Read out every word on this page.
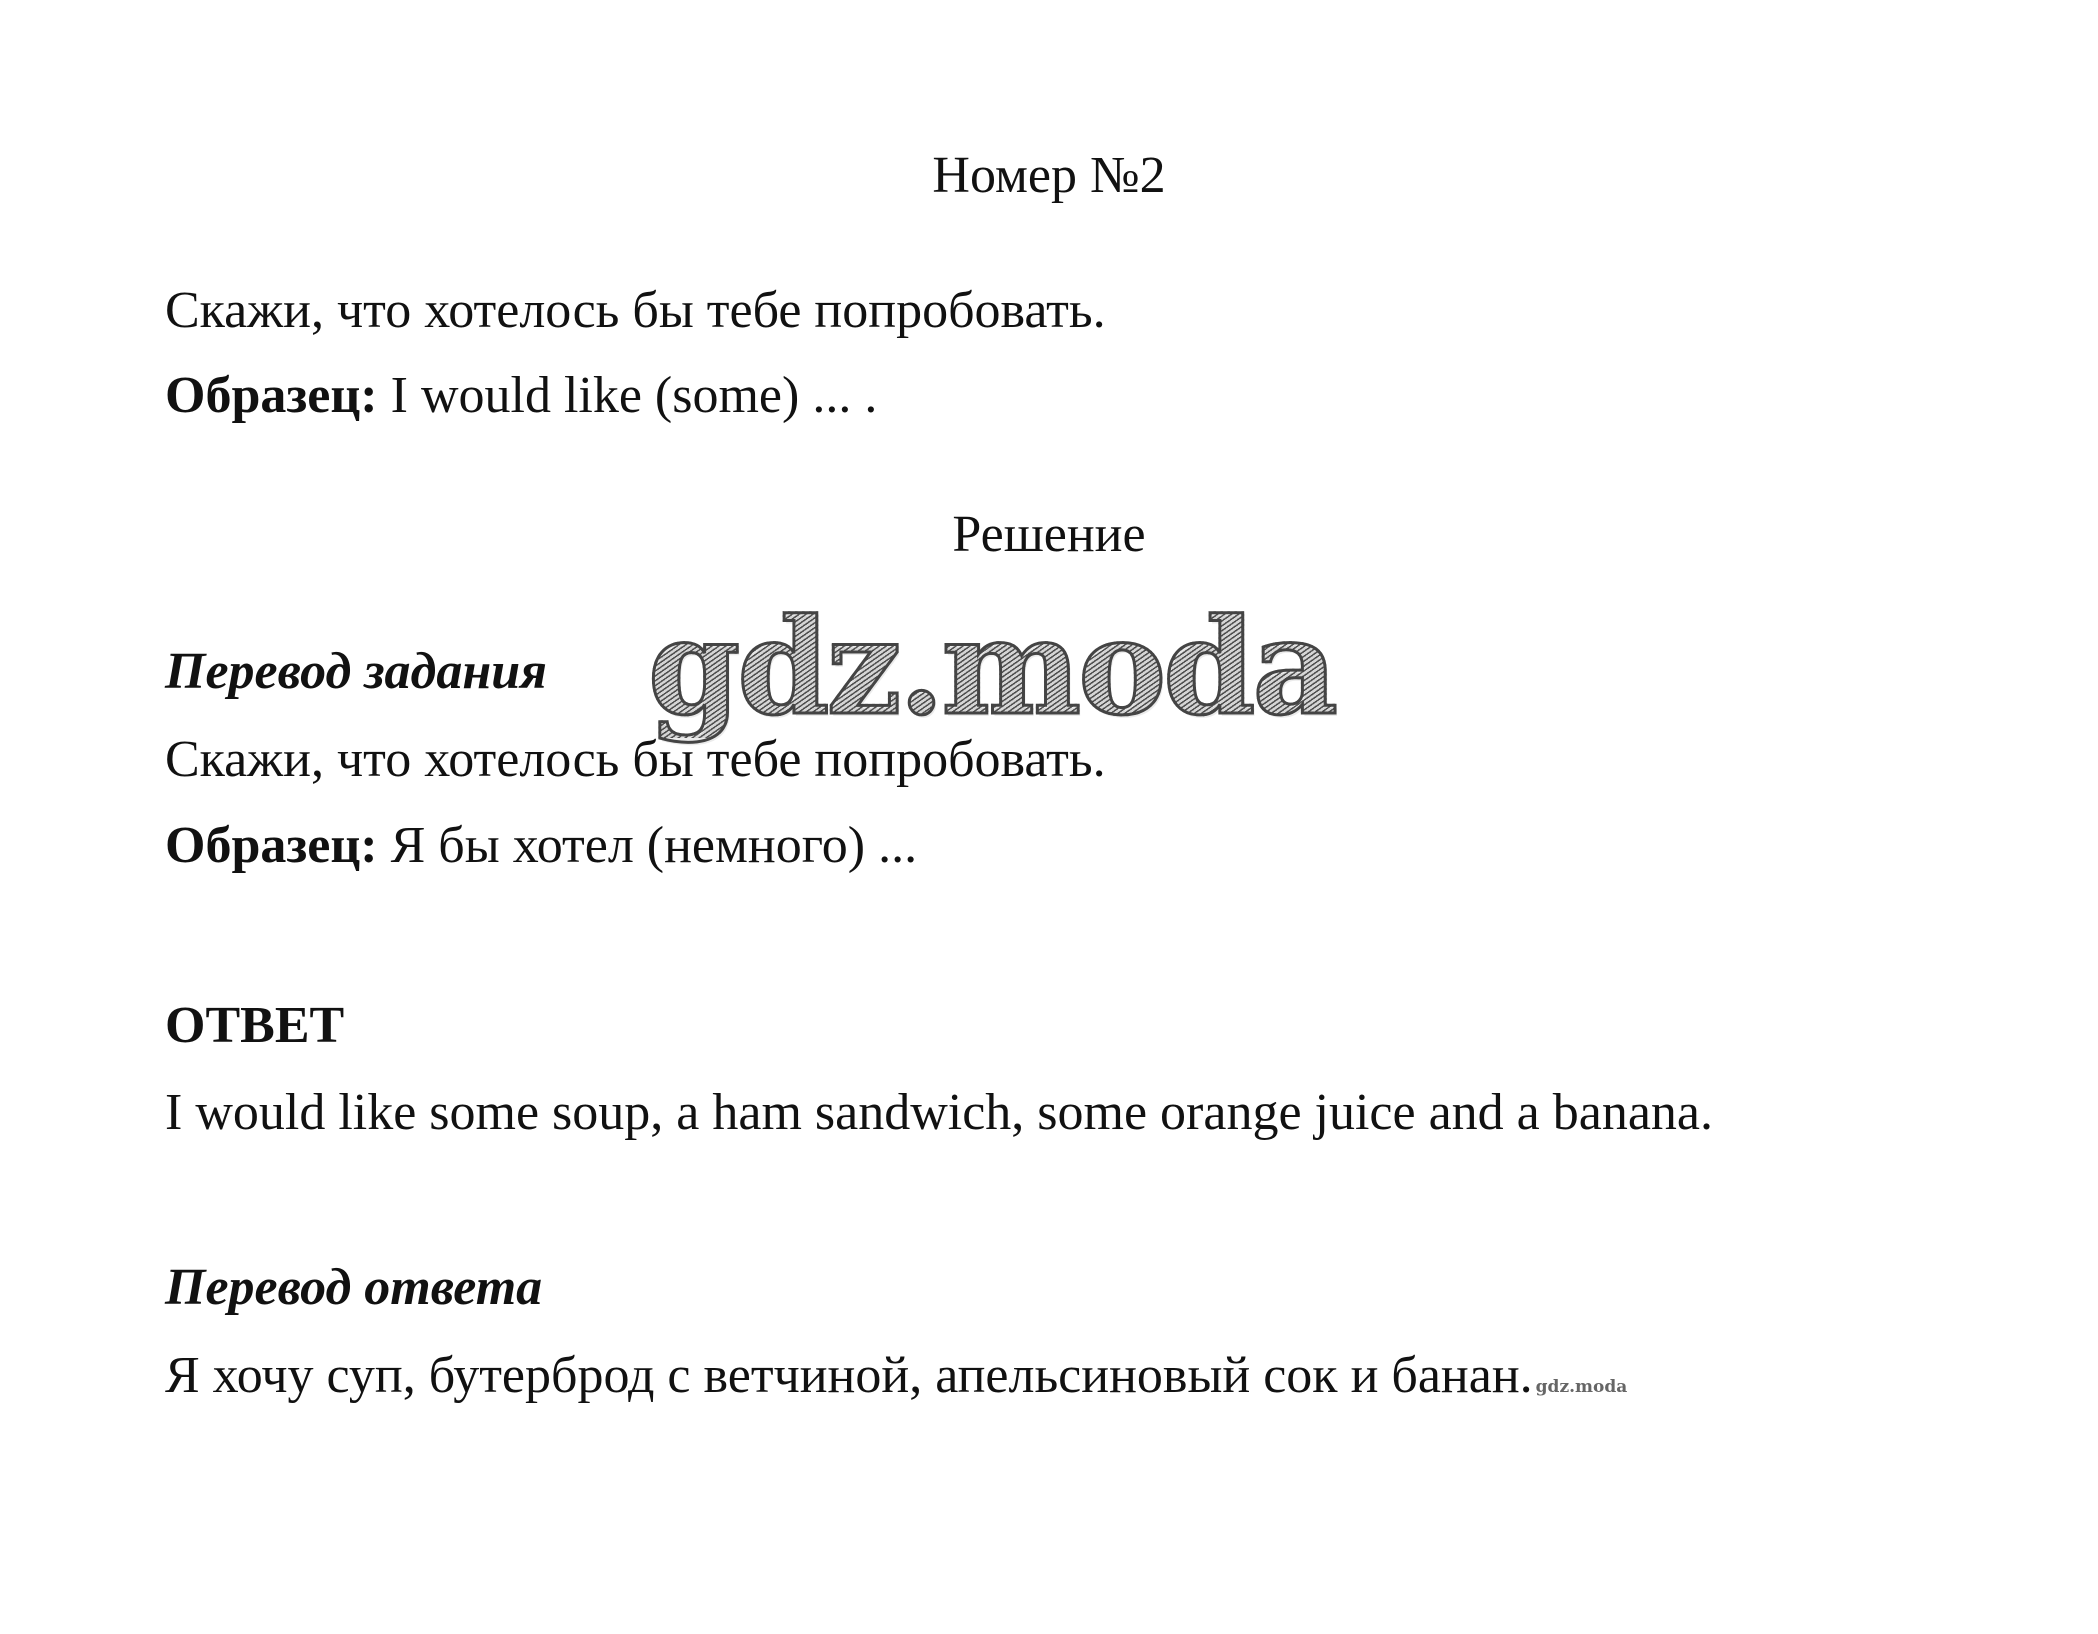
Номер №2
Скажи, что хотелось бы тебе попробовать.
Образец: I would like (some) ... .
Решение
Перевод задания gdz.moda
Скажи, что хотелось бы тебе попробовать.
Образец: Я бы хотел (немного) ...
ОТВЕТ
I would like some soup, a ham sandwich, some orange juice and a banana.
Перевод ответа
Я хочу суп, бутерброд с ветчиной, апельсиновый сок и банан. gdz.moda
